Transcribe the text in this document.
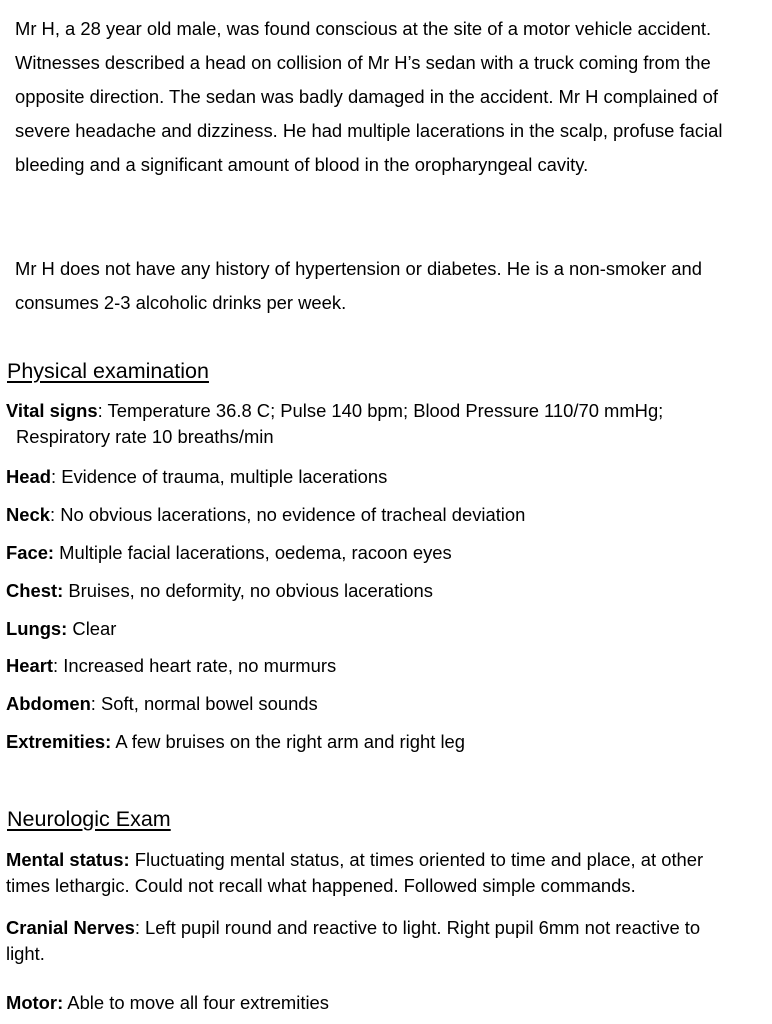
Mr H, a 28 year old male, was found conscious at the site of a motor vehicle accident. Witnesses described a head on collision of Mr H’s sedan with a truck coming from the opposite direction. The sedan was badly damaged in the accident. Mr H complained of severe headache and dizziness. He had multiple lacerations in the scalp, profuse facial bleeding and a significant amount of blood in the oropharyngeal cavity.

Mr H does not have any history of hypertension or diabetes. He is a non-smoker and consumes 2-3 alcoholic drinks per week.

Physical examination

Vital signs: Temperature 36.8 C; Pulse 140 bpm; Blood Pressure 110/70 mmHg;
Respiratory rate 10 breaths/min

Head: Evidence of trauma, multiple lacerations

Neck: No obvious lacerations, no evidence of tracheal deviation

Face: Multiple facial lacerations, oedema, racoon eyes

Chest: Bruises, no deformity, no obvious lacerations

Lungs: Clear

Heart: Increased heart rate, no murmurs

Abdomen: Soft, normal bowel sounds

Extremities: A few bruises on the right arm and right leg

Neurologic Exam

Mental status: Fluctuating mental status, at times oriented to time and place, at other
times lethargic. Could not recall what happened. Followed simple commands.

Cranial Nerves: Left pupil round and reactive to light. Right pupil 6mm not reactive to
light.

Motor: Able to move all four extremities
